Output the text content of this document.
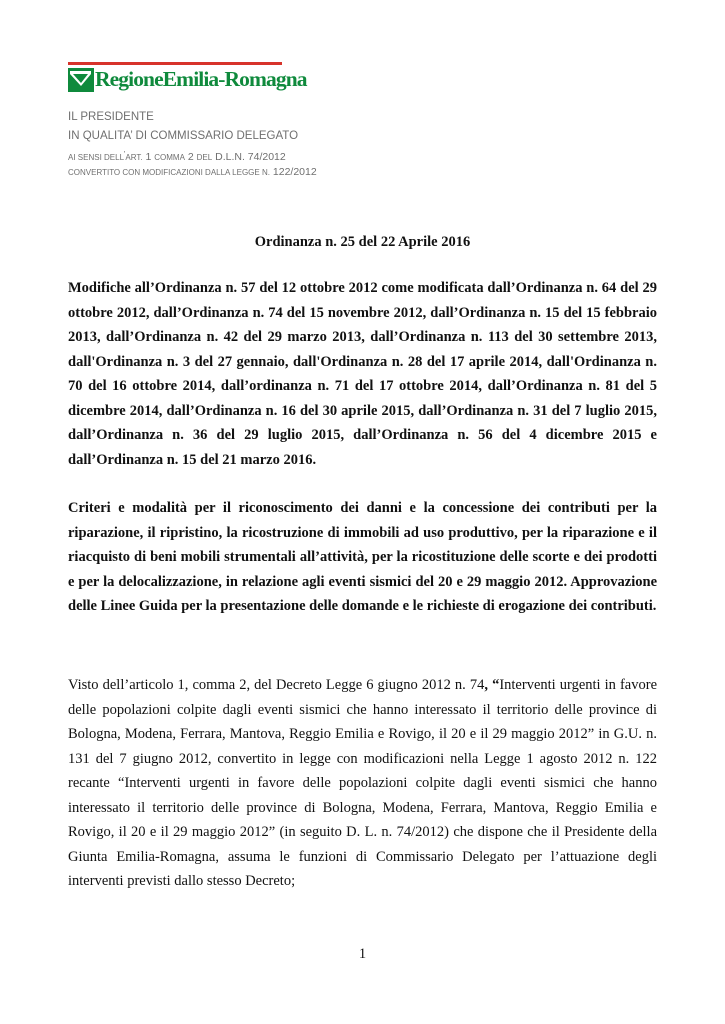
RegioneEmilia-Romagna

IL PRESIDENTE

IN QUALITA’ DI COMMISSARIO DELEGATO

AI SENSI DELL’ART. 1 COMMA 2 DEL D.L.N. 74/2012

CONVERTITO CON MODIFICAZIONI DALLA LEGGE N. 122/2012

Ordinanza n. 25 del 22 Aprile 2016

Modifiche all’Ordinanza n. 57 del 12 ottobre 2012 come modificata dall’Ordinanza n. 64 del 29 ottobre 2012, dall’Ordinanza n. 74 del 15 novembre 2012, dall’Ordinanza n. 15 del 15 febbraio 2013, dall’Ordinanza n. 42 del 29 marzo 2013, dall’Ordinanza n. 113 del 30 settembre 2013, dall'Ordinanza n. 3 del 27 gennaio, dall'Ordinanza n. 28 del 17 aprile 2014, dall'Ordinanza n. 70 del 16 ottobre 2014, dall’ordinanza n. 71 del 17 ottobre 2014, dall’Ordinanza n. 81 del 5 dicembre 2014, dall’Ordinanza n. 16 del 30 aprile 2015, dall’Ordinanza n. 31 del 7 luglio 2015, dall’Ordinanza n. 36 del 29 luglio 2015, dall’Ordinanza n. 56 del 4 dicembre 2015 e dall’Ordinanza n. 15 del 21 marzo 2016.

Criteri e modalità per il riconoscimento dei danni e la concessione dei contributi per la riparazione, il ripristino, la ricostruzione di immobili ad uso produttivo, per la riparazione e il riacquisto di beni mobili strumentali all’attività, per la ricostituzione delle scorte e dei prodotti e per la delocalizzazione, in relazione agli eventi sismici del 20 e 29 maggio 2012. Approvazione delle Linee Guida per la presentazione delle domande e le richieste di erogazione dei contributi.

Visto dell’articolo 1, comma 2, del Decreto Legge 6 giugno 2012 n. 74, “Interventi urgenti in favore delle popolazioni colpite dagli eventi sismici che hanno interessato il territorio delle province di Bologna, Modena, Ferrara, Mantova, Reggio Emilia e Rovigo, il 20 e il 29 maggio 2012” in G.U. n. 131 del 7 giugno 2012, convertito in legge con modificazioni nella Legge 1 agosto 2012 n. 122 recante “Interventi urgenti in favore delle popolazioni colpite dagli eventi sismici che hanno interessato il territorio delle province di Bologna, Modena, Ferrara, Mantova, Reggio Emilia e Rovigo, il 20 e il 29 maggio 2012” (in seguito D. L. n. 74/2012) che dispone che il Presidente della Giunta Emilia-Romagna, assuma le funzioni di Commissario Delegato per l’attuazione degli interventi previsti dallo stesso Decreto;

1
